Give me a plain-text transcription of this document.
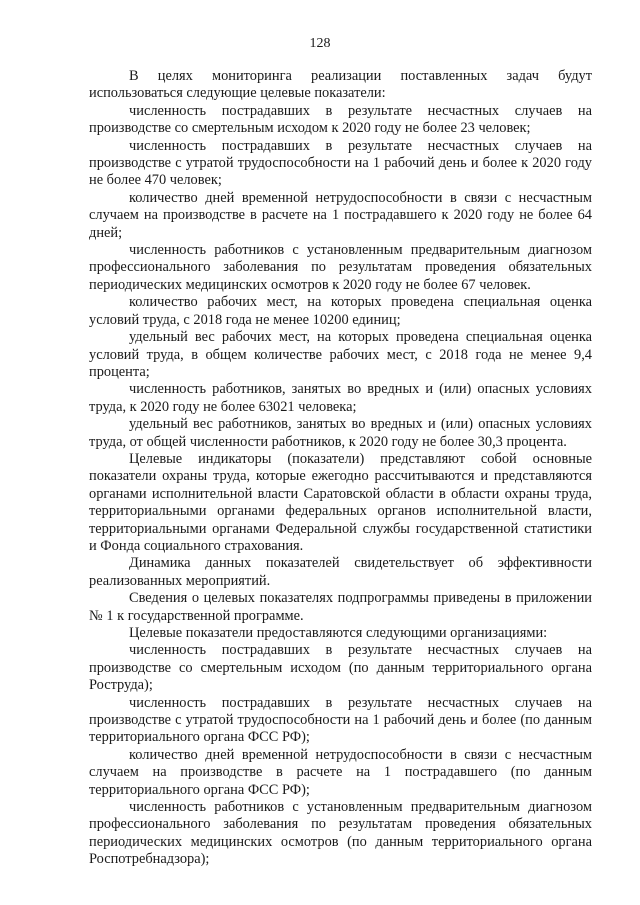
128

В целях мониторинга реализации поставленных задач будут использоваться следующие целевые показатели:

численность пострадавших в результате несчастных случаев на производстве со смертельным исходом к 2020 году не более 23 человек;

численность пострадавших в результате несчастных случаев на производстве с утратой трудоспособности на 1 рабочий день и более к 2020 году не более 470 человек;

количество дней временной нетрудоспособности в связи с несчастным случаем на производстве в расчете на 1 пострадавшего к 2020 году не более 64 дней;

численность работников с установленным предварительным диагнозом профессионального заболевания по результатам проведения обязательных периодических медицинских осмотров к 2020 году не более 67 человек.

количество рабочих мест, на которых проведена специальная оценка условий труда, с 2018 года не менее 10200 единиц;

удельный вес рабочих мест, на которых проведена специальная оценка условий труда, в общем количестве рабочих мест, с 2018 года не менее 9,4 процента;

численность работников, занятых во вредных и (или) опасных условиях труда, к 2020 году не более 63021 человека;

удельный вес работников, занятых во вредных и (или) опасных условиях труда, от общей численности работников, к 2020 году не более 30,3 процента.

Целевые индикаторы (показатели) представляют собой основные показатели охраны труда, которые ежегодно рассчитываются и представляются органами исполнительной власти Саратовской области в области охраны труда, территориальными органами федеральных органов исполнительной власти, территориальными органами Федеральной службы государственной статистики и Фонда социального страхования.

Динамика данных показателей свидетельствует об эффективности реализованных мероприятий.

Сведения о целевых показателях подпрограммы приведены в приложении № 1 к государственной программе.

Целевые показатели предоставляются следующими организациями:

численность пострадавших в результате несчастных случаев на производстве со смертельным исходом (по данным территориального органа Роструда);

численность пострадавших в результате несчастных случаев на производстве с утратой трудоспособности на 1 рабочий день и более (по данным территориального органа ФСС РФ);

количество дней временной нетрудоспособности в связи с несчастным случаем на производстве в расчете на 1 пострадавшего (по данным территориального органа ФСС РФ);

численность работников с установленным предварительным диагнозом профессионального заболевания по результатам проведения обязательных периодических медицинских осмотров (по данным территориального органа Роспотребнадзора);
